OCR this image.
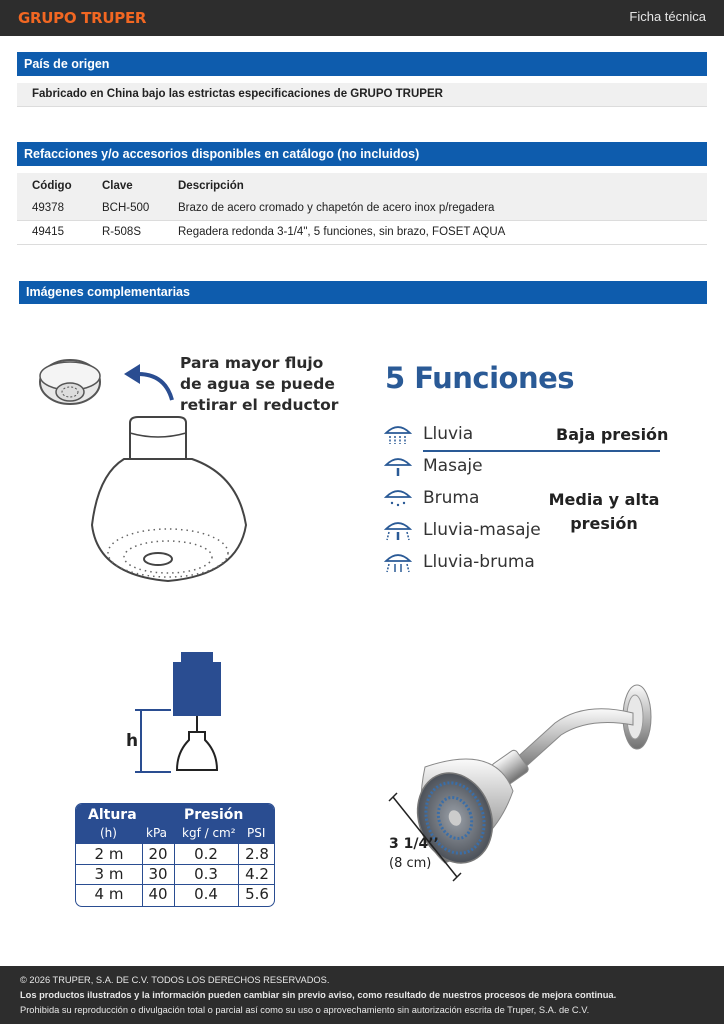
GRUPO TRUPER	Ficha técnica
País de origen
Fabricado en China bajo las estrictas especificaciones de GRUPO TRUPER
Refacciones y/o accesorios disponibles en catálogo (no incluidos)
Código	Clave	Descripción
49378	BCH-500 Brazo de acero cromado y chapetón de acero inox p/regadera
49415	R-508S	Regadera redonda 3-1/4", 5 funciones, sin brazo, FOSET AQUA
Imágenes complementarias
Para mayor flujo
de agua se puede
retirar el reductor
5 Funciones
Lluvia	Baja presión
Masaje
Bruma
Lluvia-masaje
Lluvia-bruma
Media y alta
presión
h
Altura	Presión
(h) kPa kgf / cm² PSI
2 m	20	0.2	2.8
3 m	30	0.3	4.2
4 m	40	0.4	5.6
3 1/4’’
(8 cm)
© 2026 TRUPER, S.A. DE C.V. TODOS LOS DERECHOS RESERVADOS.
Los productos ilustrados y la información pueden cambiar sin previo aviso, como resultado de nuestros procesos de mejora continua.
Prohibida su reproducción o divulgación total o parcial así como su uso o aprovechamiento sin autorización escrita de Truper, S.A. de C.V.
